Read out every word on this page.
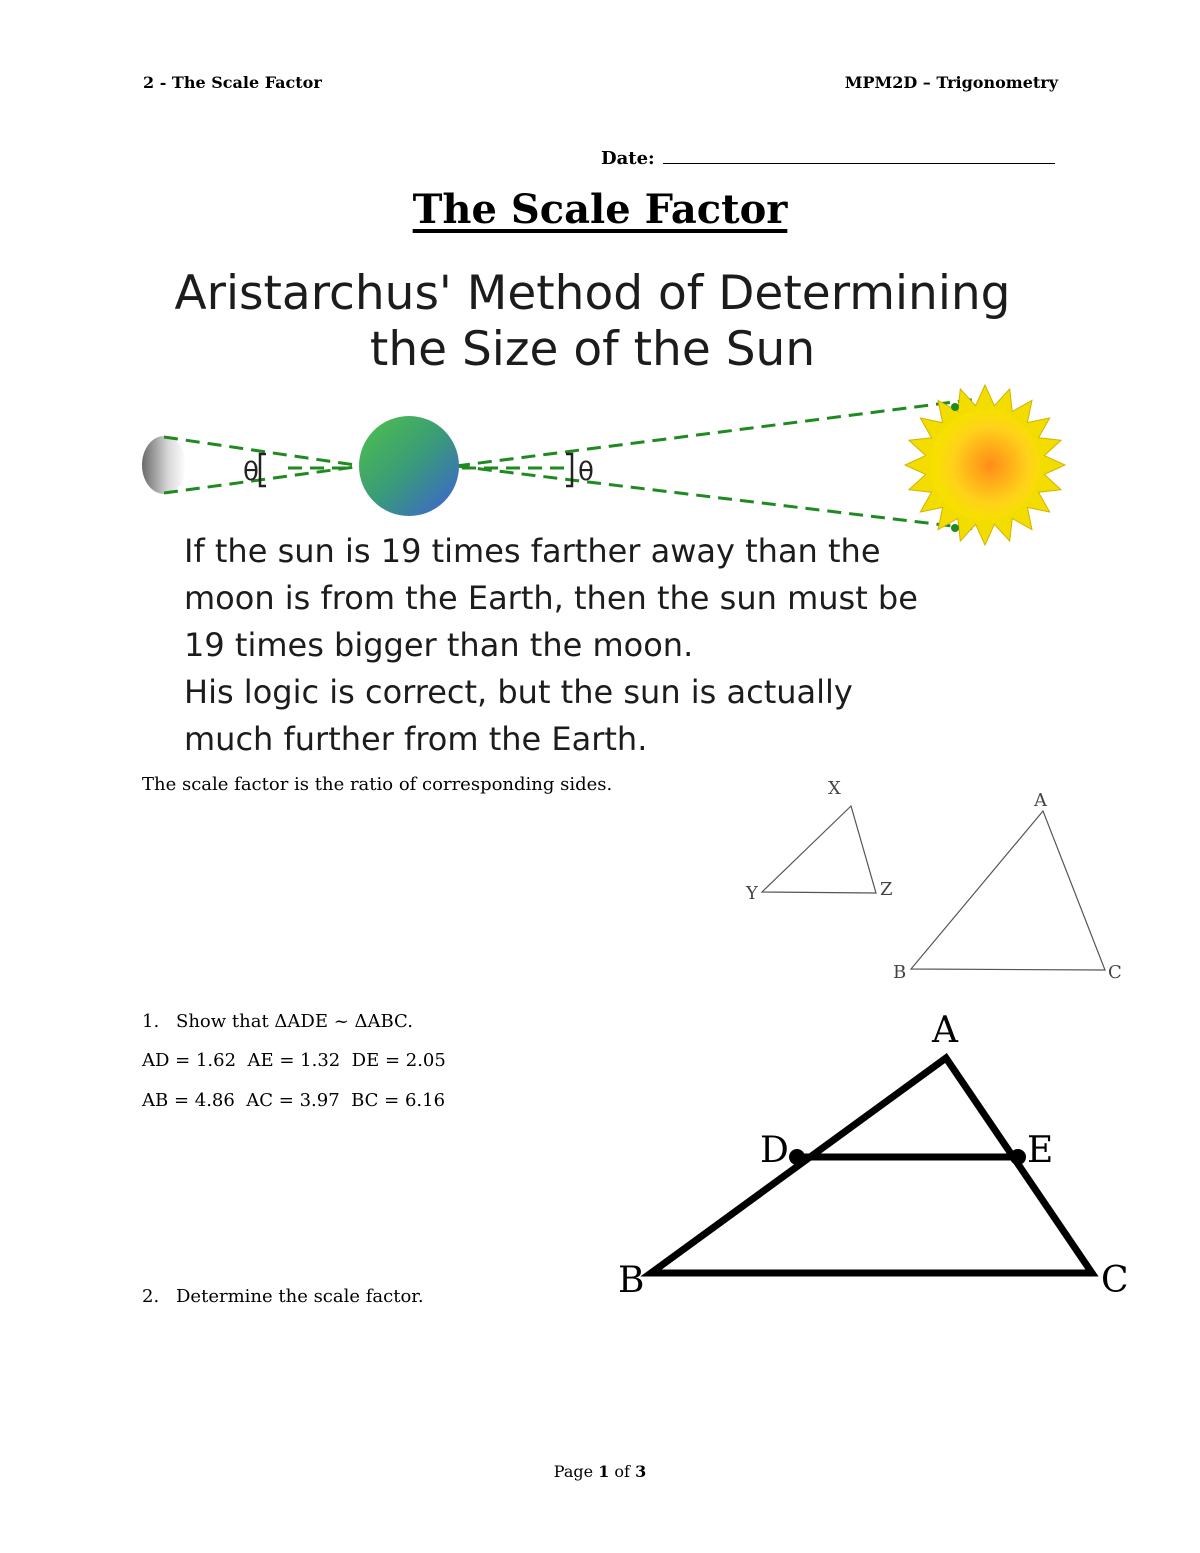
2 - The Scale Factor	MPM2D – Trigonometry
Date:
The Scale Factor
Aristarchus' Method of Determining
the Size of the Sun
θ	θ
X
Y	Z
A
B	C
A
D	E
B	C

If the sun is 19 times farther away than the

moon is from the Earth, then the sun must be

19 times bigger than the moon.

His logic is correct, but the sun is actually

much further from the Earth.

The scale factor is the ratio of corresponding sides.
1. Show that ΔADE ~ ΔABC.
AD = 1.62  AE = 1.32  DE = 2.05
AB = 4.86  AC = 3.97  BC = 6.16
2. Determine the scale factor.
Page 1 of 3
